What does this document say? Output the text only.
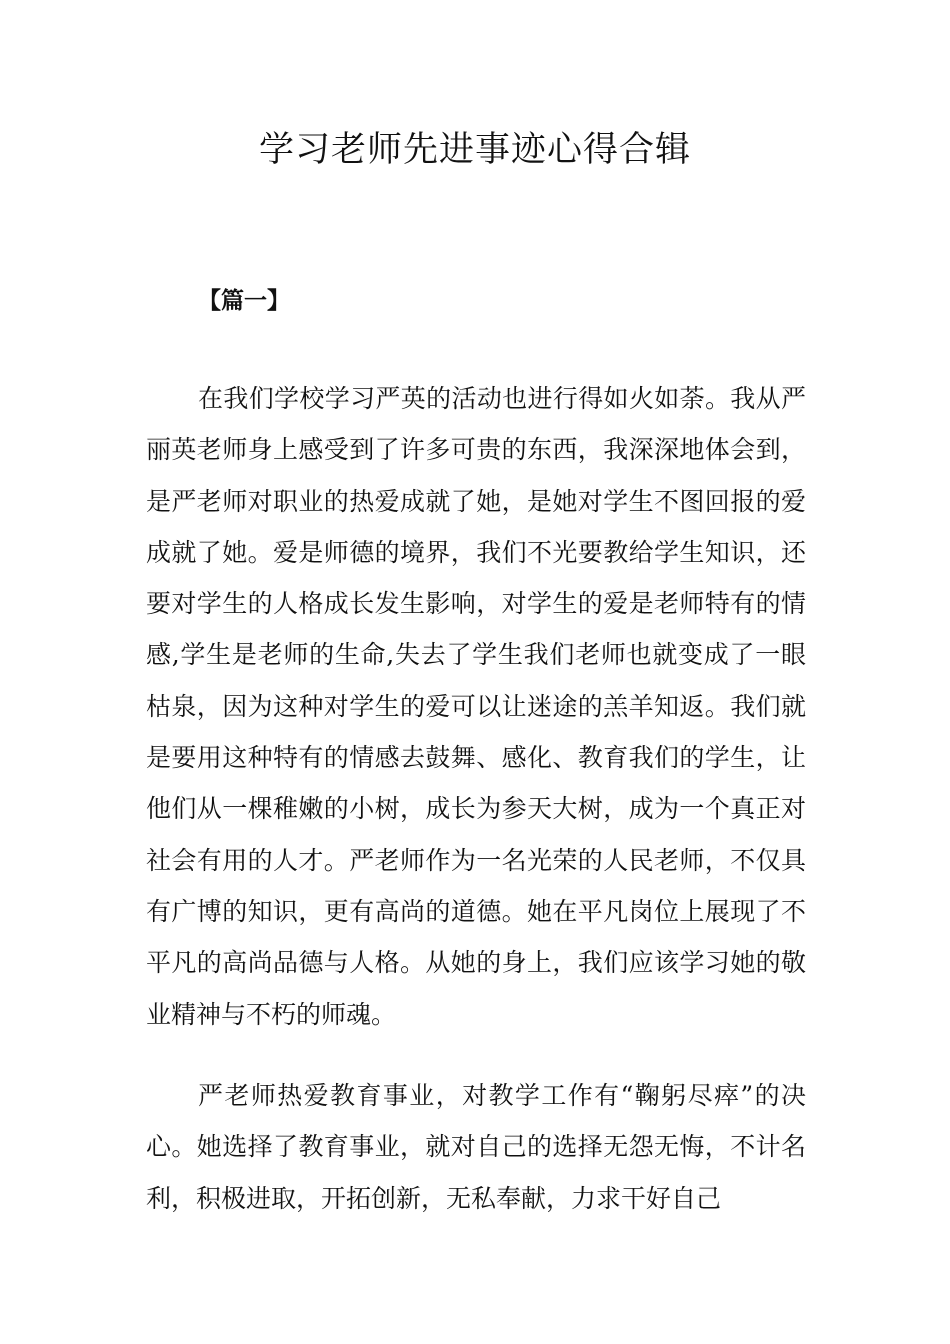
学习老师先进事迹心得合辑

【篇一】

在我们学校学习严英的活动也进行得如火如荼。我从严丽英老师身上感受到了许多可贵的东西，我深深地体会到，是严老师对职业的热爱成就了她，是她对学生不图回报的爱成就了她。爱是师德的境界，我们不光要教给学生知识，还要对学生的人格成长发生影响，对学生的爱是老师特有的情感,学生是老师的生命,失去了学生我们老师也就变成了一眼枯泉，因为这种对学生的爱可以让迷途的羔羊知返。我们就是要用这种特有的情感去鼓舞、感化、教育我们的学生，让他们从一棵稚嫩的小树，成长为参天大树，成为一个真正对社会有用的人才。严老师作为一名光荣的人民老师，不仅具有广博的知识，更有高尚的道德。她在平凡岗位上展现了不平凡的高尚品德与人格。从她的身上，我们应该学习她的敬业精神与不朽的师魂。

严老师热爱教育事业，对教学工作有“鞠躬尽瘁”的决心。她选择了教育事业，就对自己的选择无怨无悔，不计名利，积极进取，开拓创新，无私奉献，力求干好自己
